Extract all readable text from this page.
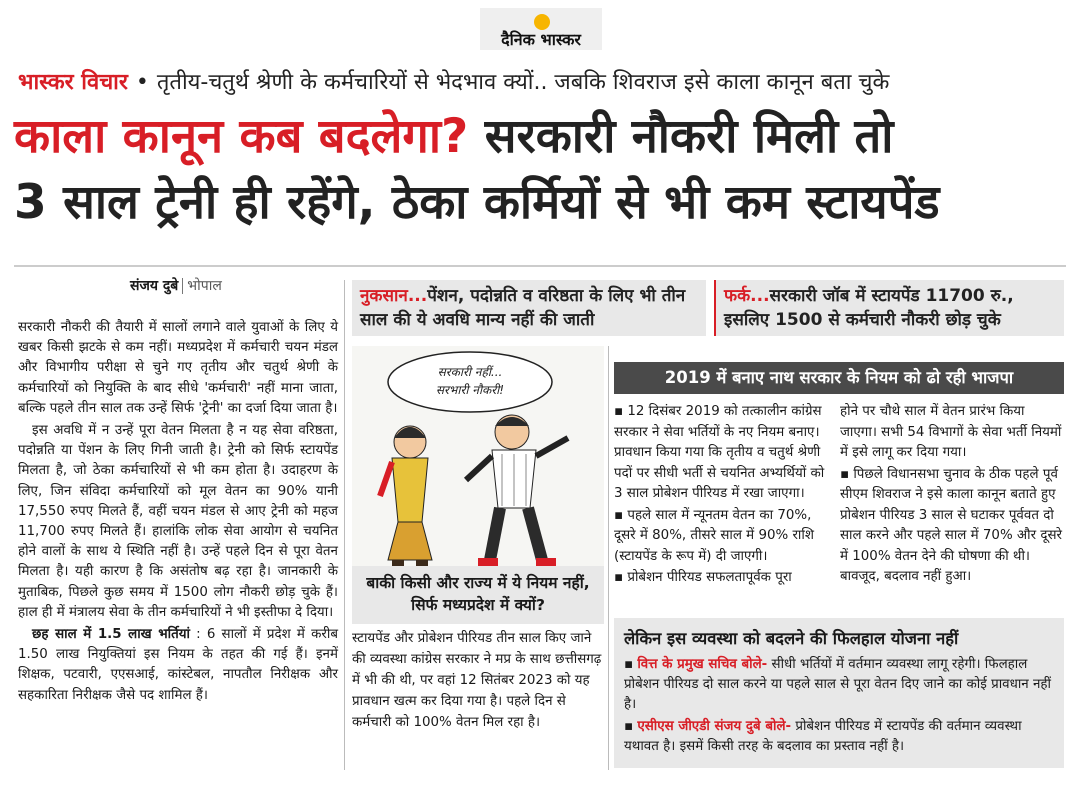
दैनिक भास्कर
भास्कर विचार • तृतीय-चतुर्थ श्रेणी के कर्मचारियों से भेदभाव क्यों.. जबकि शिवराज इसे काला कानून बता चुके
काला कानून कब बदलेगा? सरकारी नौकरी मिली तो
3 साल ट्रेनी ही रहेंगे, ठेका कर्मियों से भी कम स्टायपेंड
संजय दुबे भोपाल

सरकारी नौकरी की तैयारी में सालों लगाने वाले युवाओं के लिए ये खबर किसी झटके से कम नहीं। मध्यप्रदेश में कर्मचारी चयन मंडल और विभागीय परीक्षा से चुने गए तृतीय और चतुर्थ श्रेणी के कर्मचारियों को नियुक्ति के बाद सीधे 'कर्मचारी' नहीं माना जाता, बल्कि पहले तीन साल तक उन्हें सिर्फ 'ट्रेनी' का दर्जा दिया जाता है।

इस अवधि में न उन्हें पूरा वेतन मिलता है न यह सेवा वरिष्ठता, पदोन्नति या पेंशन के लिए गिनी जाती है। ट्रेनी को सिर्फ स्टायपेंड मिलता है, जो ठेका कर्मचारियों से भी कम होता है। उदाहरण के लिए, जिन संविदा कर्मचारियों को मूल वेतन का 90% यानी 17,550 रुपए मिलते हैं, वहीं चयन मंडल से आए ट्रेनी को महज 11,700 रुपए मिलते हैं। हालांकि लोक सेवा आयोग से चयनित होने वालों के साथ ये स्थिति नहीं है। उन्हें पहले दिन से पूरा वेतन मिलता है। यही कारण है कि असंतोष बढ़ रहा है। जानकारी के मुताबिक, पिछले कुछ समय में 1500 लोग नौकरी छोड़ चुके हैं। हाल ही में मंत्रालय सेवा के तीन कर्मचारियों ने भी इस्तीफा दे दिया।

छह साल में 1.5 लाख भर्तियां : 6 सालों में प्रदेश में करीब 1.50 लाख नियुक्तियां इस नियम के तहत की गई हैं। इनमें शिक्षक, पटवारी, एएसआई, कांस्टेबल, नापतौल निरीक्षक और सहकारिता निरीक्षक जैसे पद शामिल हैं।

नुकसान...पेंशन, पदोन्नति व वरिष्ठता के लिए भी तीन साल की ये अवधि मान्य नहीं की जाती
फर्क...सरकारी जॉब में स्टायपेंड 11700 रु., इसलिए 1500 से कर्मचारी नौकरी छोड़ चुके
सरकारी नहीं...
सरभारी नौकरी!
बाकी किसी और राज्य में ये नियम नहीं, सिर्फ मध्यप्रदेश में क्यों?
स्टायपेंड और प्रोबेशन पीरियड तीन साल किए जाने की व्यवस्था कांग्रेस सरकार ने मप्र के साथ छत्तीसगढ़ में भी की थी, पर वहां 12 सितंबर 2023 को यह प्रावधान खत्म कर दिया गया है। पहले दिन से कर्मचारी को 100% वेतन मिल रहा है।
2019 में बनाए नाथ सरकार के नियम को ढो रही भाजपा
▪ 12 दिसंबर 2019 को तत्कालीन कांग्रेस सरकार ने सेवा भर्तियों के नए नियम बनाए। प्रावधान किया गया कि तृतीय व चतुर्थ श्रेणी पदों पर सीधी भर्ती से चयनित अभ्यर्थियों को 3 साल प्रोबेशन पीरियड में रखा जाएगा।
▪ पहले साल में न्यूनतम वेतन का 70%, दूसरे में 80%, तीसरे साल में 90% राशि (स्टायपेंड के रूप में) दी जाएगी।
▪ प्रोबेशन पीरियड सफलतापूर्वक पूरा
होने पर चौथे साल में वेतन प्रारंभ किया जाएगा। सभी 54 विभागों के सेवा भर्ती नियमों में इसे लागू कर दिया गया।
▪ पिछले विधानसभा चुनाव के ठीक पहले पूर्व सीएम शिवराज ने इसे काला कानून बताते हुए प्रोबेशन पीरियड 3 साल से घटाकर पूर्ववत दो साल करने और पहले साल में 70% और दूसरे में 100% वेतन देने की घोषणा की थी। बावजूद, बदलाव नहीं हुआ।
लेकिन इस व्यवस्था को बदलने की फिलहाल योजना नहीं
▪ वित्त के प्रमुख सचिव बोले- सीधी भर्तियों में वर्तमान व्यवस्था लागू रहेगी। फिलहाल प्रोबेशन पीरियड दो साल करने या पहले साल से पूरा वेतन दिए जाने का कोई प्रावधान नहीं है।
▪ एसीएस जीएडी संजय दुबे बोले- प्रोबेशन पीरियड में स्टायपेंड की वर्तमान व्यवस्था यथावत है। इसमें किसी तरह के बदलाव का प्रस्ताव नहीं है।
